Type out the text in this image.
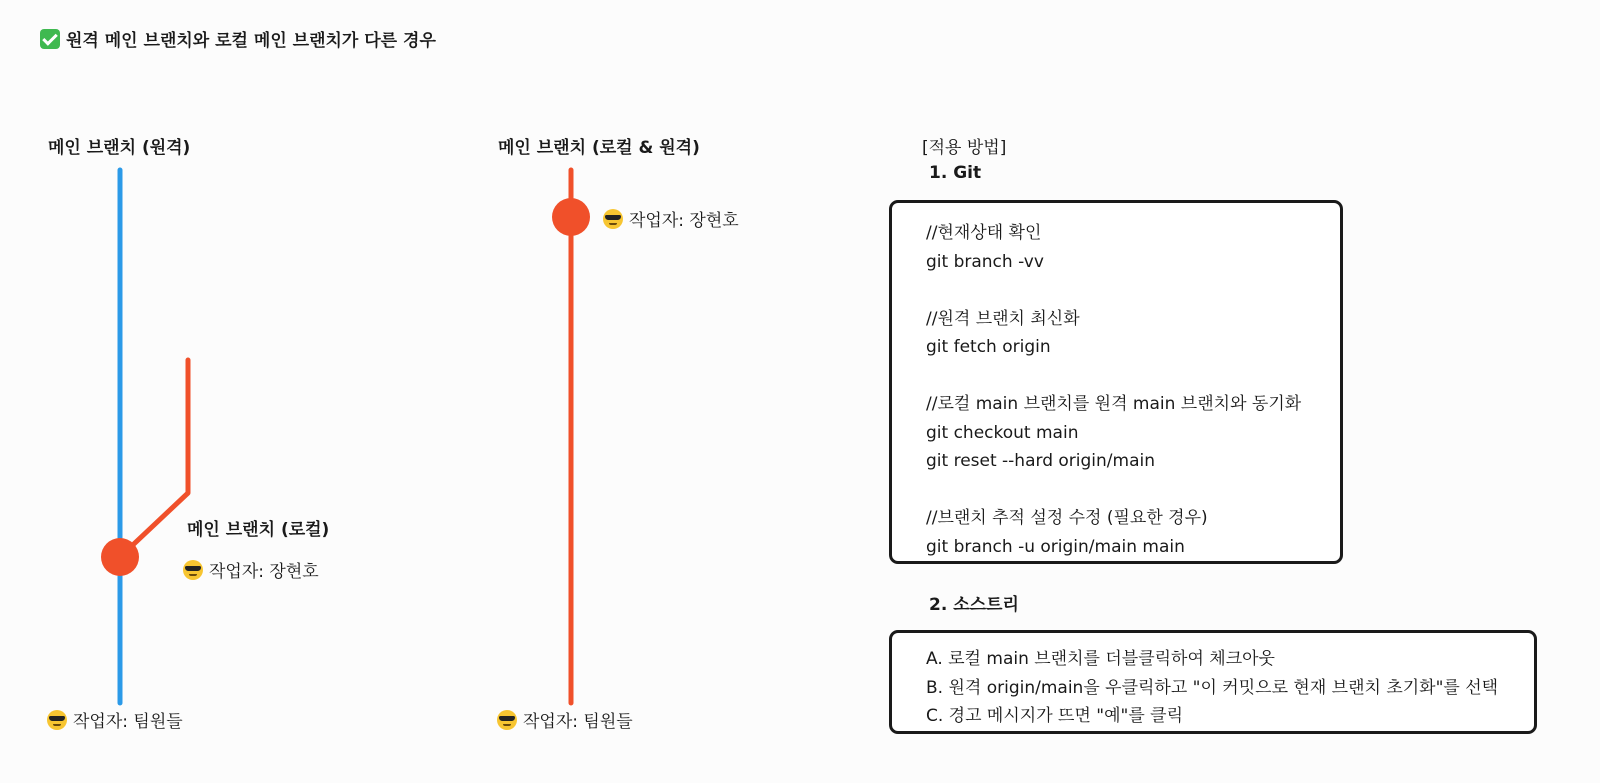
원격 메인 브랜치와 로컬 메인 브랜치가 다른 경우
메인 브랜치 (원격)
메인 브랜치 (로컬)
작업자: 장현호
작업자: 팀원들
메인 브랜치 (로컬 & 원격)
작업자: 장현호
작업자: 팀원들
[적용 방법]
1. Git
//현재상태 확인
git branch -vv
//원격 브랜치 최신화
git fetch origin
//로컬 main 브랜치를 원격 main 브랜치와 동기화
git checkout main
git reset --hard origin/main
//브랜치 추적 설정 수정 (필요한 경우)
git branch -u origin/main main
2. 소스트리
A. 로컬 main 브랜치를 더블클릭하여 체크아웃
B. 원격 origin/main을 우클릭하고 "이 커밋으로 현재 브랜치 초기화"를 선택
C. 경고 메시지가 뜨면 "예"를 클릭
